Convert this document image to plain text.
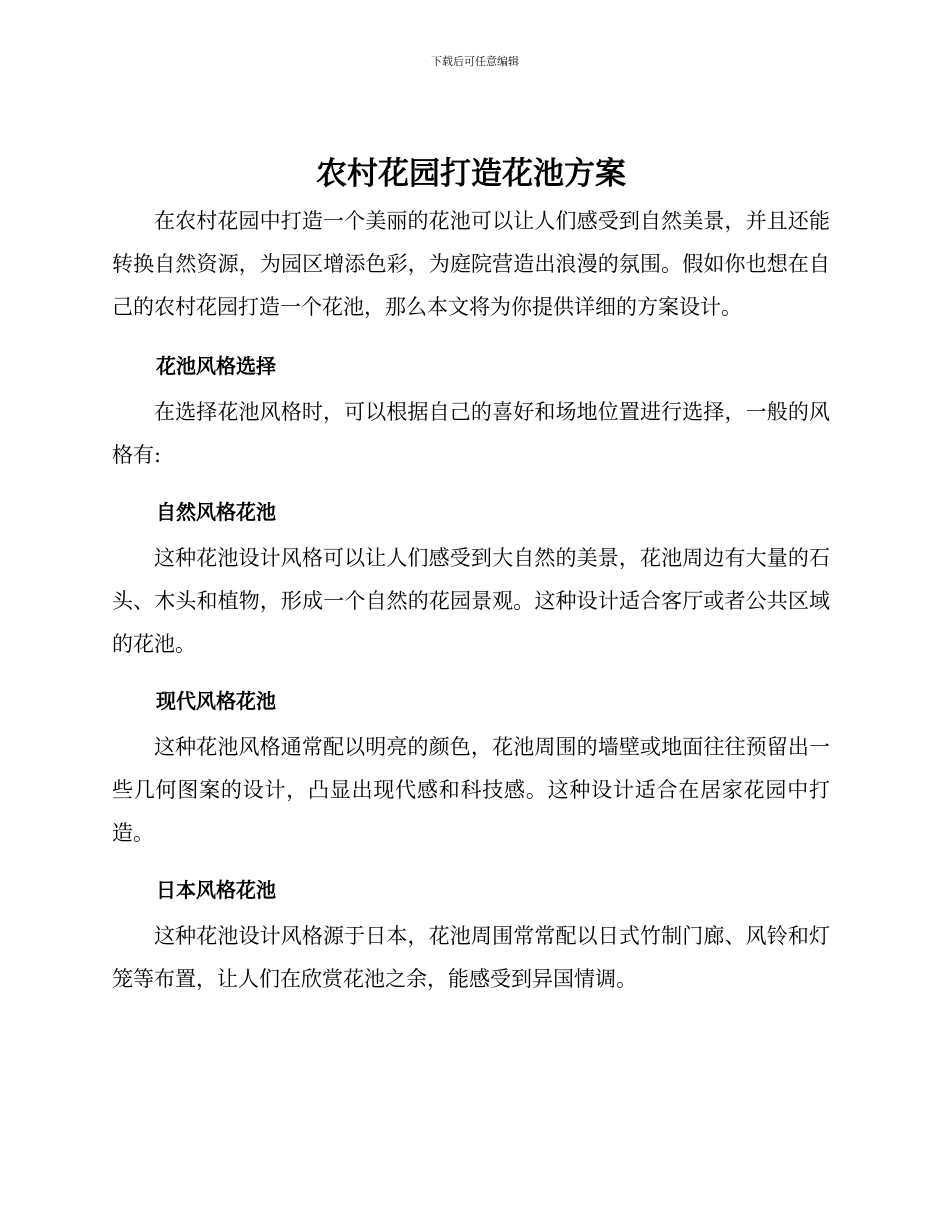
下载后可任意编辑
农村花园打造花池方案

在农村花园中打造一个美丽的花池可以让人们感受到自然美景，并且还能转换自然资源，为园区增添色彩，为庭院营造出浪漫的氛围。假如你也想在自己的农村花园打造一个花池，那么本文将为你提供详细的方案设计。

花池风格选择

在选择花池风格时，可以根据自己的喜好和场地位置进行选择，一般的风格有:

自然风格花池

这种花池设计风格可以让人们感受到大自然的美景，花池周边有大量的石头、木头和植物，形成一个自然的花园景观。这种设计适合客厅或者公共区域的花池。

现代风格花池

这种花池风格通常配以明亮的颜色，花池周围的墙壁或地面往往预留出一些几何图案的设计，凸显出现代感和科技感。这种设计适合在居家花园中打造。

日本风格花池

这种花池设计风格源于日本，花池周围常常配以日式竹制门廊、风铃和灯笼等布置，让人们在欣赏花池之余，能感受到异国情调。
